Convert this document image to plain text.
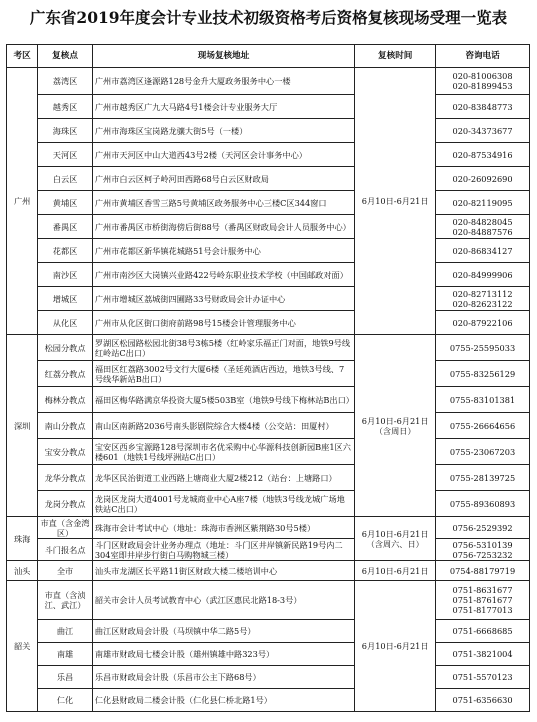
广东省2019年度会计专业技术初级资格考后资格复核现场受理一览表
考区	复核点	现场复核地址	复核时间	咨询电话
广州	荔湾区	广州市荔湾区逢源路128号金升大厦政务服务中心一楼	6月10日-6月21日	020-81006308
020-81899453

	越秀区	广州市越秀区广九大马路4号1楼会计专业服务大厅		020-83848773

	海珠区	广州市海珠区宝岗路龙骧大街5号（一楼）		020-34373677

	天河区	广州市天河区中山大道西43号2楼（天河区会计事务中心）		020-87534916

	白云区	广州市白云区柯子岭河田西路68号白云区财政局		020-26092690

	黄埔区	广州市黄埔区香雪三路5号黄埔区政务服务中心三楼C区344窗口		020-82119095

	番禺区	广州市番禺区市桥街海傍后街88号（番禺区财政局会计人员服务中心）		020-84828045
020-84887576

	花都区	广州市花都区新华镇花城路51号会计服务中心		020-86834127

	南沙区	广州市南沙区大岗镇兴业路422号岭东职业技术学校（中国邮政对面）		020-84999906

	增城区	广州市增城区荔城街四圃路33号财政局会计办证中心		020-82713112
020-82623122

	从化区	广州市从化区街口街府前路98号15楼会计管理服务中心		020-87922106

深圳	松园分教点	罗湖区松园路松园北街38号3栋5楼（红岭家乐福正门对面，地铁9号线红岭站C出口）	6月10日-6月21日
（含周日）	0755-25595033

	红荔分教点	福田区红荔路3002号文行大厦6楼（圣廷苑酒店西边，地铁3号线、7号线华新站B出口）		0755-83256129

	梅林分教点	福田区梅华路满京华投资大厦5楼503B室（地铁9号线下梅林站B出口）		0755-83101381

	南山分教点	南山区南新路2036号南头影剧院综合大楼4楼（公交站：田厦村）		0755-26664656

	宝安分教点	宝安区西乡宝源路128号深圳市名优采购中心华源科技创新园B座1区六楼601（地铁1号线坪洲站C出口）		0755-23067203

	龙华分教点	龙华区民治街道工业西路上塘商业大厦2楼212（站台：上塘路口）		0755-28139725

	龙岗分教点	龙岗区龙岗大道4001号龙城商业中心A座7楼（地铁3号线龙城广场地铁站C出口）		0755-89360893

珠海	市直（含金湾区）	珠海市会计考试中心（地址：珠海市香洲区紫荆路30号5楼）	6月10日-6月21日
（含周六、日）	0756-2529392

	斗门报名点	斗门区财政局会计业务办理点（地址：斗门区井岸镇新民路19号内二304室即井岸步行街白马购物城三楼）		0756-5310139
0756-7253232

汕头	全市	汕头市龙湖区长平路11街区财政大楼二楼培训中心	6月10日-6月21日	0754-88179719

韶关	市直（含浈江、武江）	韶关市会计人员考试教育中心（武江区惠民北路18-3号）	6月10日-6月21日	0751-8631677
0751-8761677
0751-8177013

	曲江	曲江区财政局会计股（马坝镇中华二路5号）		0751-6668685

	南雄	南雄市财政局七楼会计股（雄州镇雄中路323号）		0751-3821004

	乐昌	乐昌市财政局会计股（乐昌市公主下路68号）		0751-5570123

	仁化	仁化县财政局二楼会计股（仁化县仁桥北路1号）		0751-6356630
